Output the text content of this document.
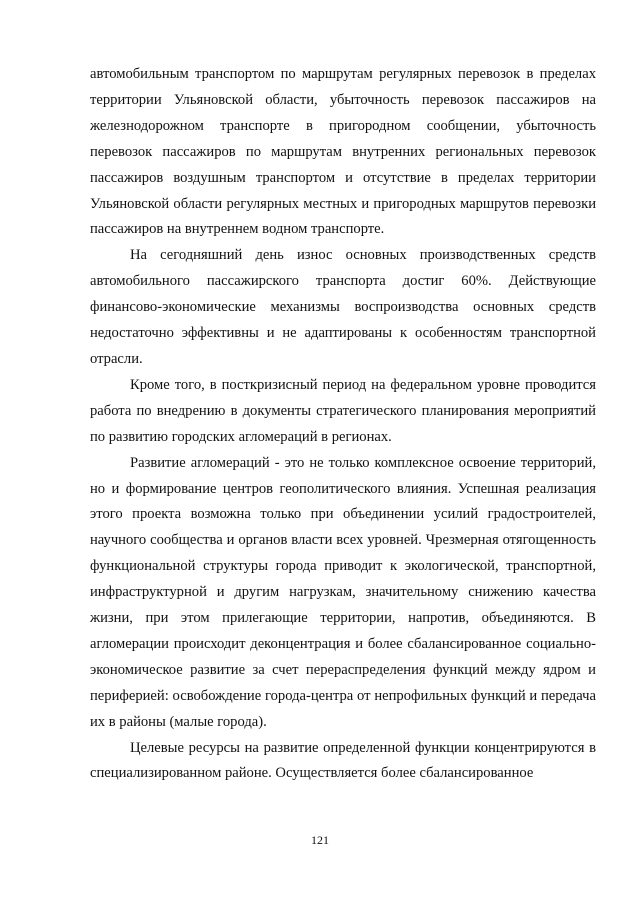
автомобильным транспортом по маршрутам регулярных перевозок в пределах территории Ульяновской области, убыточность перевозок пассажиров на железнодорожном транспорте в пригородном сообщении, убыточность перевозок пассажиров по маршрутам внутренних региональных перевозок пассажиров воздушным транспортом и отсутствие в пределах территории Ульяновской области регулярных местных и пригородных маршрутов перевозки пассажиров на внутреннем водном транспорте.

На сегодняшний день износ основных производственных средств автомобильного пассажирского транспорта достиг 60%. Действующие финансово-экономические механизмы воспроизводства основных средств недостаточно эффективны и не адаптированы к особенностям транспортной отрасли.

Кроме того, в посткризисный период на федеральном уровне проводится работа по внедрению в документы стратегического планирования мероприятий по развитию городских агломераций в регионах.

Развитие агломераций - это не только комплексное освоение территорий, но и формирование центров геополитического влияния. Успешная реализация этого проекта возможна только при объединении усилий градостроителей, научного сообщества и органов власти всех уровней. Чрезмерная отягощенность функциональной структуры города приводит к экологической, транспортной, инфраструктурной и другим нагрузкам, значительному снижению качества жизни, при этом прилегающие территории, напротив, объединяются. В агломерации происходит деконцентрация и более сбалансированное социально-экономическое развитие за счет перераспределения функций между ядром и периферией: освобождение города-центра от непрофильных функций и передача их в районы (малые города).

Целевые ресурсы на развитие определенной функции концентрируются в специализированном районе. Осуществляется более сбалансированное

121
